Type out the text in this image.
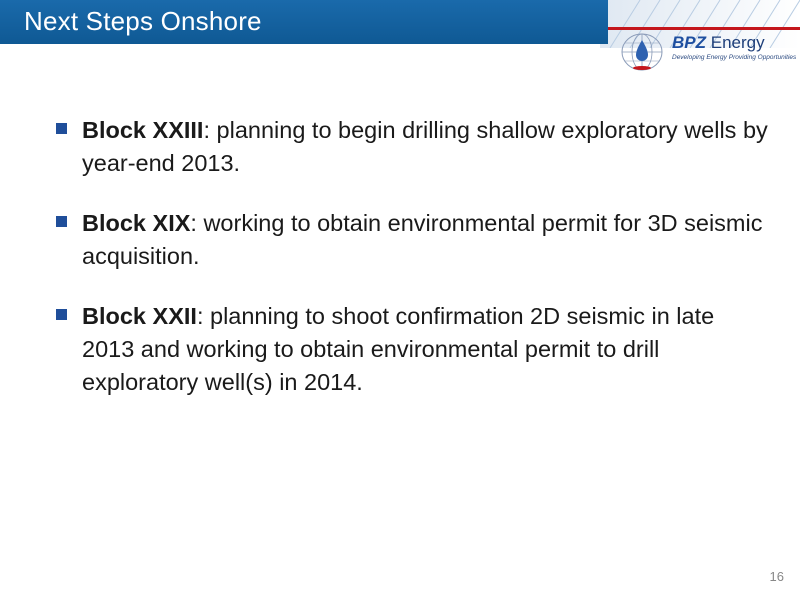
Next Steps Onshore
BPZ Energy
Developing Energy Providing Opportunities
Block XXIII: planning to begin drilling shallow exploratory wells by year-end 2013.
Block XIX: working to obtain environmental permit for 3D seismic acquisition.
Block XXII: planning to shoot confirmation 2D seismic in late 2013 and working to obtain environmental permit to drill exploratory well(s) in 2014.
16
